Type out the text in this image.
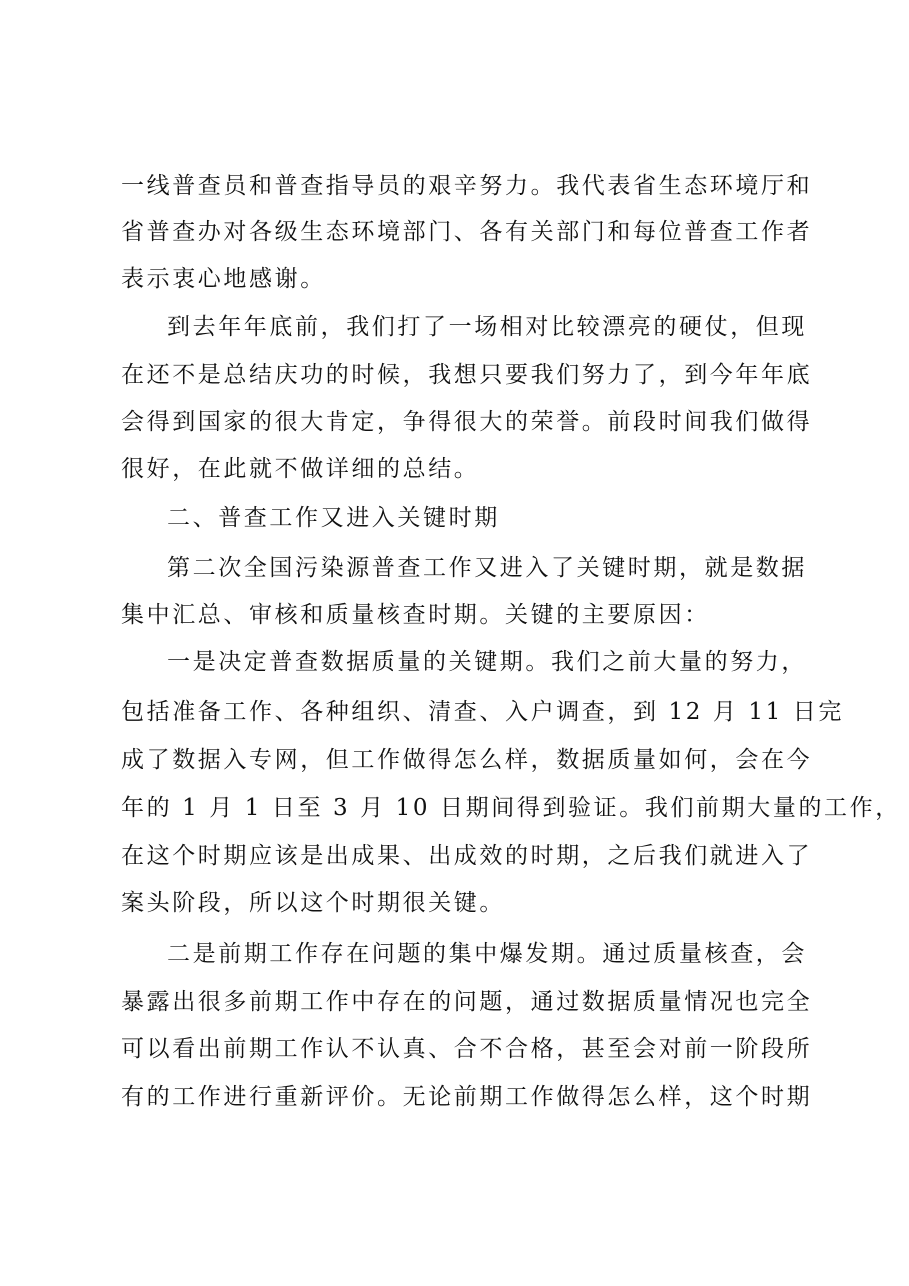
一线普查员和普查指导员的艰辛努力。我代表省生态环境厅和
省普查办对各级生态环境部门、各有关部门和每位普查工作者
表示衷心地感谢。
到去年年底前，我们打了一场相对比较漂亮的硬仗，但现
在还不是总结庆功的时候，我想只要我们努力了，到今年年底
会得到国家的很大肯定，争得很大的荣誉。前段时间我们做得
很好，在此就不做详细的总结。
二、普查工作又进入关键时期
第二次全国污染源普查工作又进入了关键时期，就是数据
集中汇总、审核和质量核查时期。关键的主要原因：
一是决定普查数据质量的关键期。我们之前大量的努力，
包括准备工作、各种组织、清查、入户调查，到 12 月 11 日完
成了数据入专网，但工作做得怎么样，数据质量如何，会在今
年的 1 月 1 日至 3 月 10 日期间得到验证。我们前期大量的工作，
在这个时期应该是出成果、出成效的时期，之后我们就进入了
案头阶段，所以这个时期很关键。
二是前期工作存在问题的集中爆发期。通过质量核查，会
暴露出很多前期工作中存在的问题，通过数据质量情况也完全
可以看出前期工作认不认真、合不合格，甚至会对前一阶段所
有的工作进行重新评价。无论前期工作做得怎么样，这个时期
